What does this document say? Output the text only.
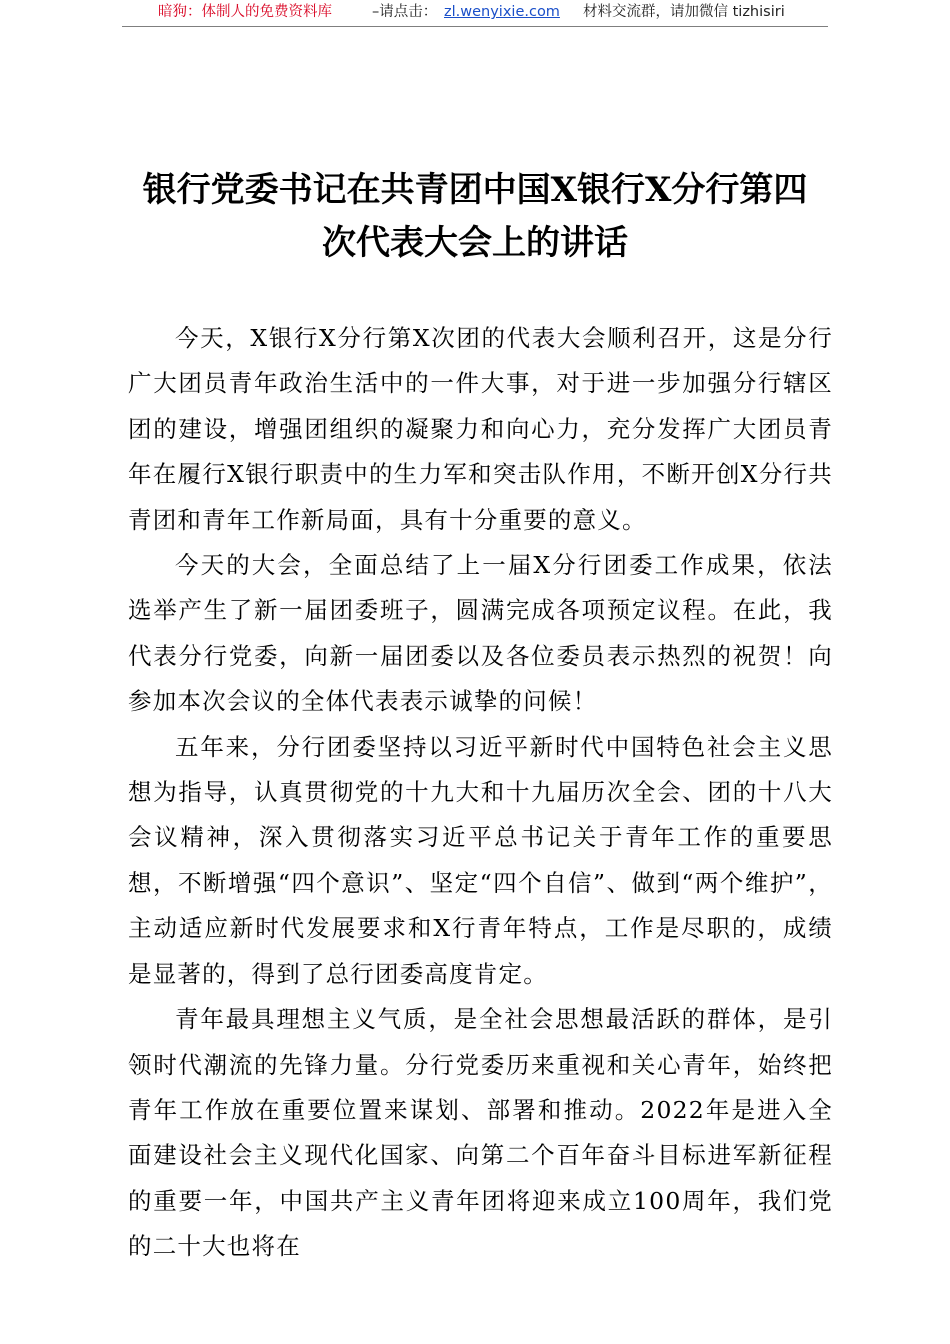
暗狗：体制人的免费资料库	–请点击： zl.wenyixie.com 材料交流群，请加微信 tizhisiri
银行党委书记在共青团中国X银行X分行第四
次代表大会上的讲话

今天，X银行X分行第X次团的代表大会顺利召开，这是分行广大团员青年政治生活中的一件大事，对于进一步加强分行辖区团的建设，增强团组织的凝聚力和向心力，充分发挥广大团员青年在履行X银行职责中的生力军和突击队作用，不断开创X分行共青团和青年工作新局面，具有十分重要的意义。

今天的大会，全面总结了上一届X分行团委工作成果，依法选举产生了新一届团委班子，圆满完成各项预定议程。在此，我代表分行党委，向新一届团委以及各位委员表示热烈的祝贺！向参加本次会议的全体代表表示诚挚的问候！

五年来，分行团委坚持以习近平新时代中国特色社会主义思想为指导，认真贯彻党的十九大和十九届历次全会、团的十八大会议精神，深入贯彻落实习近平总书记关于青年工作的重要思想，不断增强“四个意识”、坚定“四个自信”、做到“两个维护”，主动适应新时代发展要求和X行青年特点，工作是尽职的，成绩是显著的，得到了总行团委高度肯定。

青年最具理想主义气质，是全社会思想最活跃的群体，是引领时代潮流的先锋力量。分行党委历来重视和关心青年，始终把青年工作放在重要位置来谋划、部署和推动。2022年是进入全面建设社会主义现代化国家、向第二个百年奋斗目标进军新征程的重要一年，中国共产主义青年团将迎来成立100周年，我们党的二十大也将在
